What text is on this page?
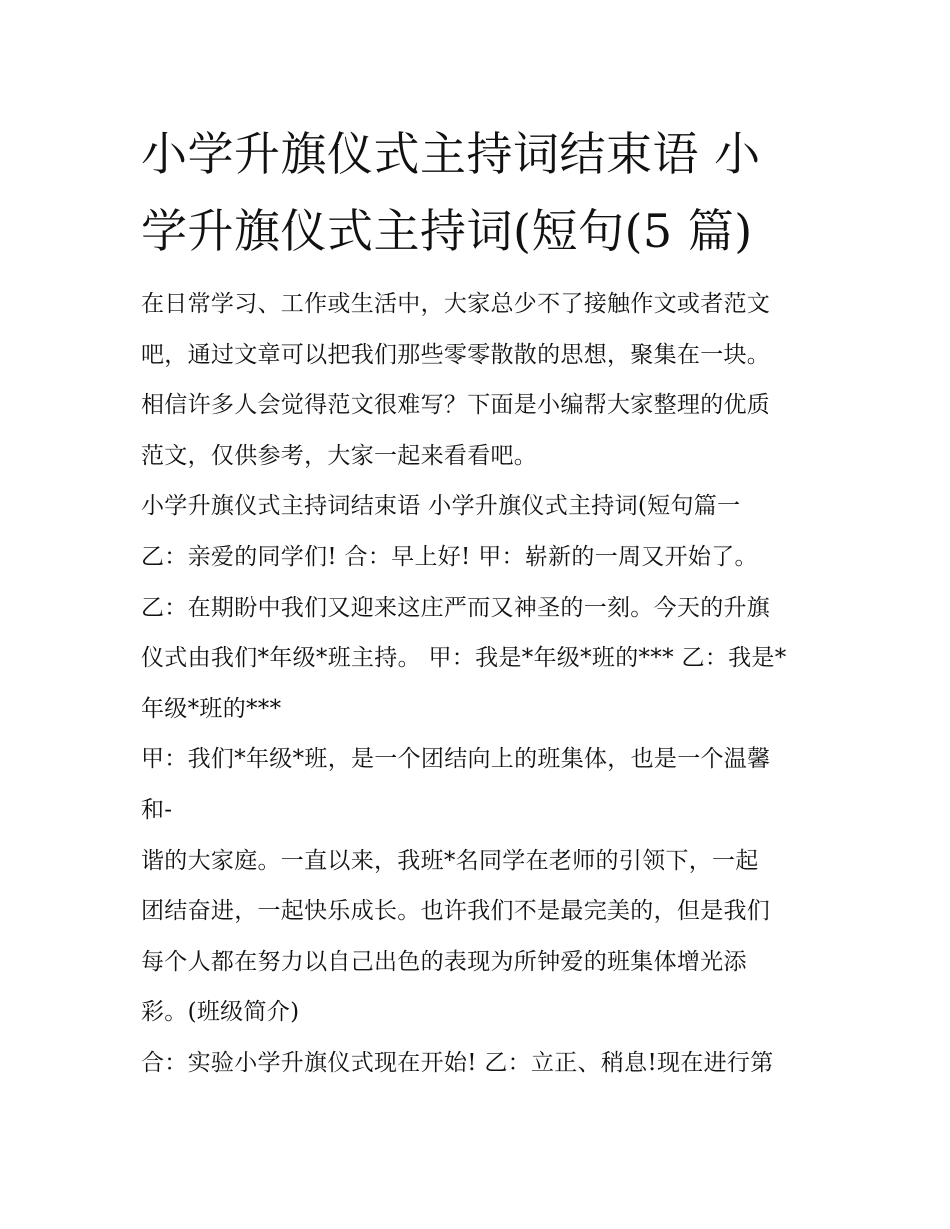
小学升旗仪式主持词结束语 小
学升旗仪式主持词(短句(5 篇)
在日常学习、工作或生活中，大家总少不了接触作文或者范文
吧，通过文章可以把我们那些零零散散的思想，聚集在一块。
相信许多人会觉得范文很难写？下面是小编帮大家整理的优质
范文，仅供参考，大家一起来看看吧。
小学升旗仪式主持词结束语 小学升旗仪式主持词(短句篇一
乙：亲爱的同学们! 合：早上好! 甲：崭新的一周又开始了。
乙：在期盼中我们又迎来这庄严而又神圣的一刻。今天的升旗
仪式由我们*年级*班主持。 甲：我是*年级*班的*** 乙：我是*
年级*班的***
甲：我们*年级*班，是一个团结向上的班集体，也是一个温馨
和-
谐的大家庭。一直以来，我班*名同学在老师的引领下，一起
团结奋进，一起快乐成长。也许我们不是最完美的，但是我们
每个人都在努力以自己出色的表现为所钟爱的班集体增光添
彩。(班级简介)
合：实验小学升旗仪式现在开始! 乙：立正、稍息!现在进行第
